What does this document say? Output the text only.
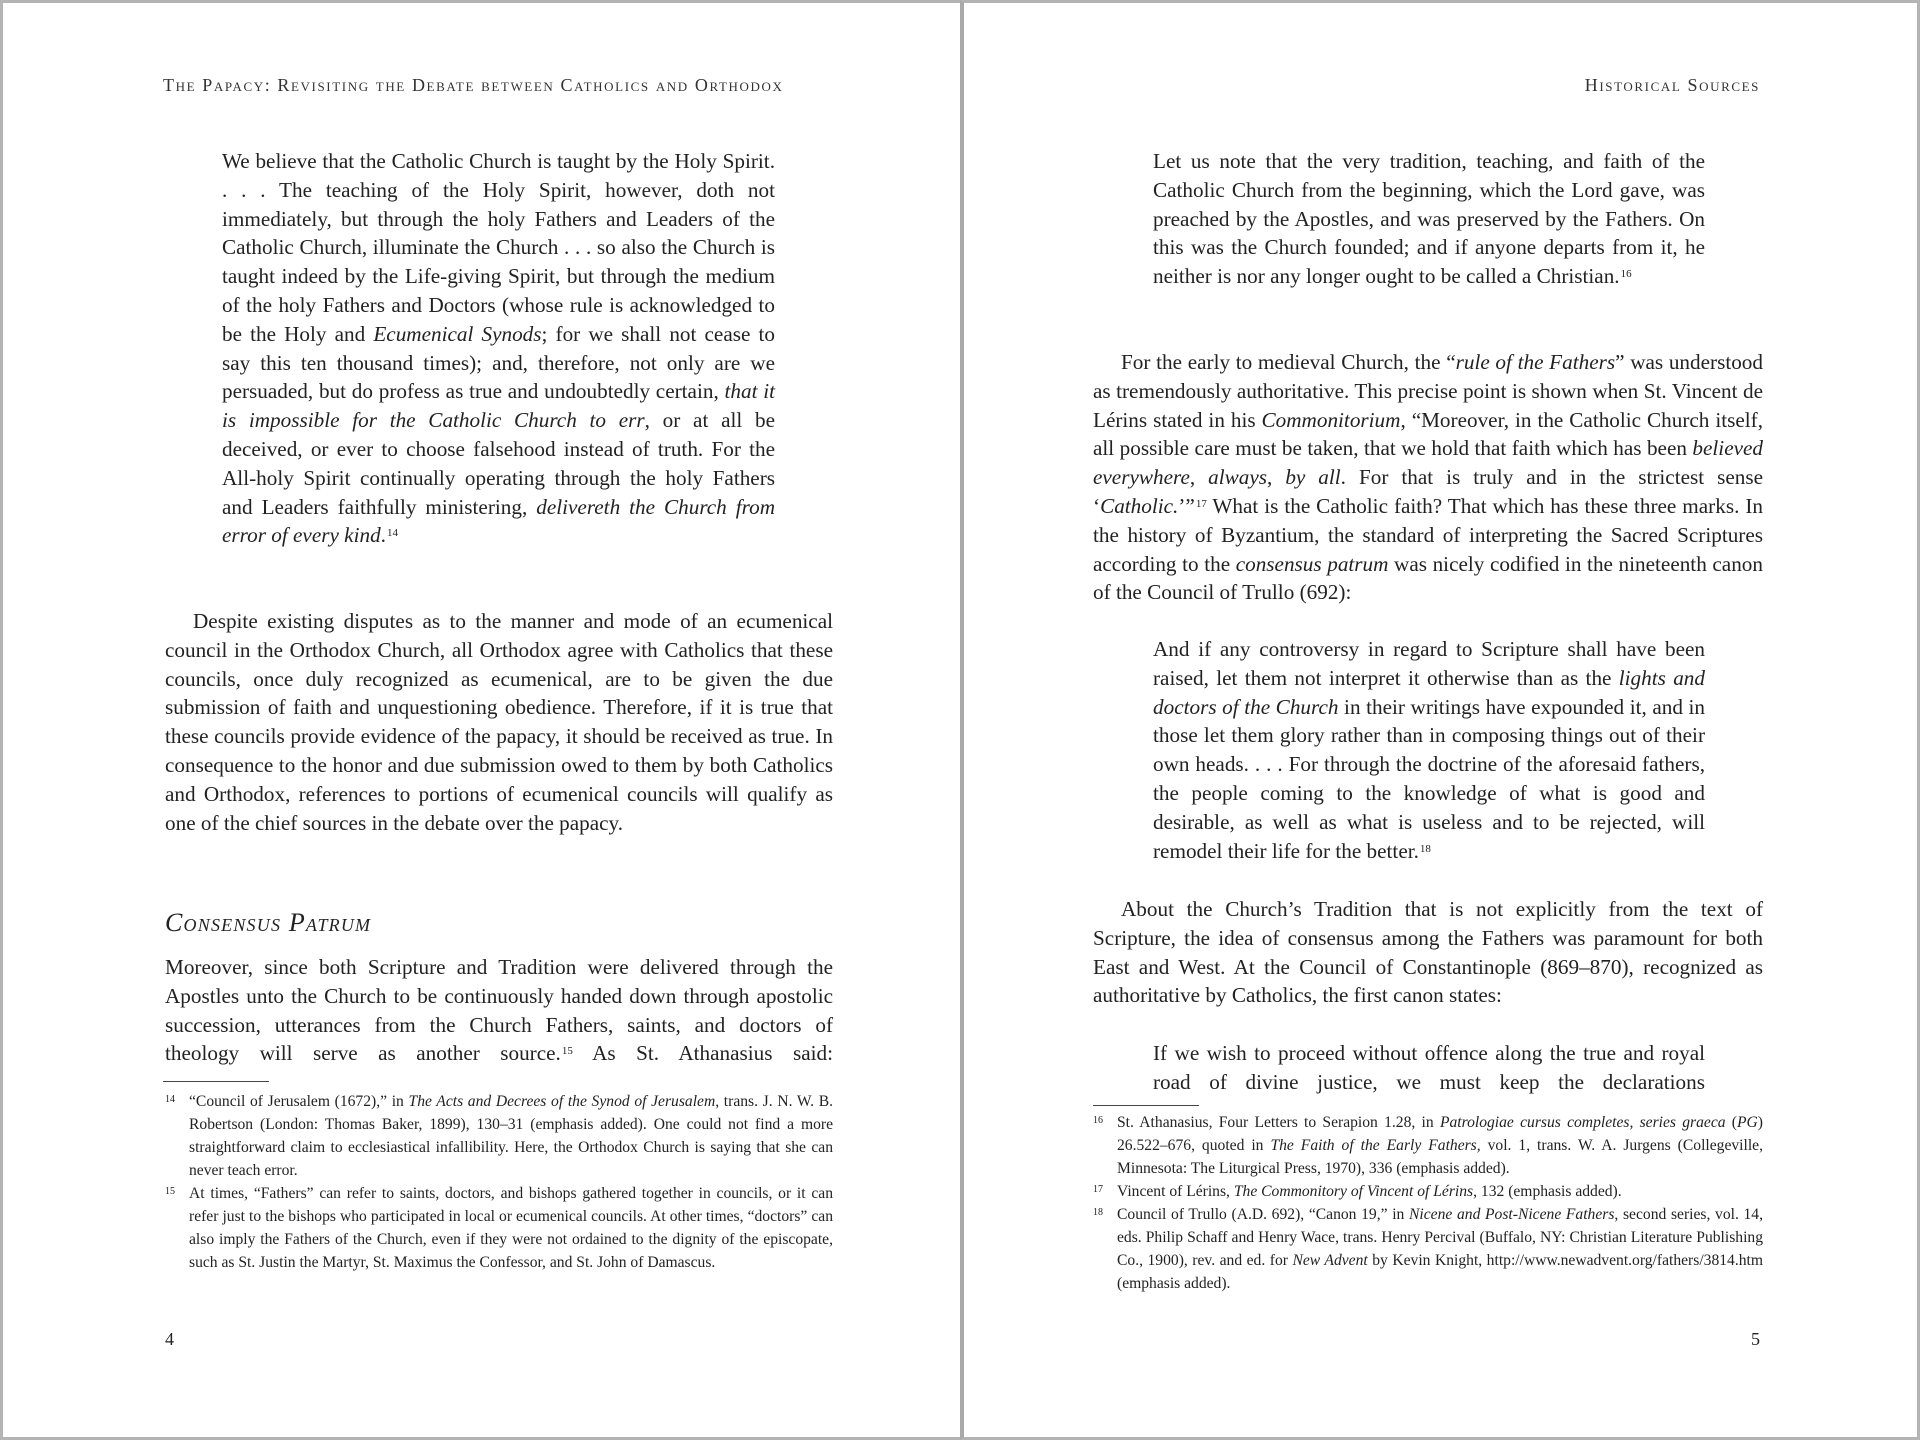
The Papacy: Revisiting the Debate between Catholics and Orthodox

We believe that the Catholic Church is taught by the Holy Spirit. . . . The teaching of the Holy Spirit, however, doth not immediately, but through the holy Fathers and Leaders of the Catholic Church, illuminate the Church . . . so also the Church is taught indeed by the Life-giving Spirit, but through the medium of the holy Fathers and Doctors (whose rule is acknowledged to be the Holy and Ecumenical Synods; for we shall not cease to say this ten thousand times); and, therefore, not only are we persuaded, but do profess as true and undoubtedly certain, that it is impossible for the Catholic Church to err, or at all be deceived, or ever to choose falsehood instead of truth. For the All-holy Spirit continually operating through the holy Fathers and Leaders faithfully ministering, delivereth the Church from error of every kind.$^{14}$

Despite existing disputes as to the manner and mode of an ecumenical council in the Orthodox Church, all Orthodox agree with Catholics that these councils, once duly recognized as ecumenical, are to be given the due submission of faith and unquestioning obedience. Therefore, if it is true that these councils provide evidence of the papacy, it should be received as true. In consequence to the honor and due submission owed to them by both Catholics and Orthodox, references to portions of ecumenical councils will qualify as one of the chief sources in the debate over the papacy.

Consensus Patrum

Moreover, since both Scripture and Tradition were delivered through the Apostles unto the Church to be continuously handed down through apostolic succession, utterances from the Church Fathers, saints, and doctors of theology will serve as another source.$^{15}$ As St. Athanasius said:

14 “Council of Jerusalem (1672),” in The Acts and Decrees of the Synod of Jerusalem, trans. J. N. W. B. Robertson (London: Thomas Baker, 1899), 130–31 (emphasis added). One could not find a more straightforward claim to ecclesiastical infallibility. Here, the Orthodox Church is saying that she can never teach error.

15 At times, “Fathers” can refer to saints, doctors, and bishops gathered together in councils, or it can refer just to the bishops who participated in local or ecumenical councils. At other times, “doctors” can also imply the Fathers of the Church, even if they were not ordained to the dignity of the episcopate, such as St. Justin the Martyr, St. Maximus the Confessor, and St. John of Damascus.

4
Historical Sources

Let us note that the very tradition, teaching, and faith of the Catholic Church from the beginning, which the Lord gave, was preached by the Apostles, and was preserved by the Fathers. On this was the Church founded; and if anyone departs from it, he neither is nor any longer ought to be called a Christian.$^{16}$

For the early to medieval Church, the “rule of the Fathers” was understood as tremendously authoritative. This precise point is shown when St. Vincent de Lérins stated in his Commonitorium, “Moreover, in the Catholic Church itself, all possible care must be taken, that we hold that faith which has been believed everywhere, always, by all. For that is truly and in the strictest sense ‘Catholic.’”$^{17}$ What is the Catholic faith? That which has these three marks. In the history of Byzantium, the standard of interpreting the Sacred Scriptures according to the consensus patrum was nicely codified in the nineteenth canon of the Council of Trullo (692):

And if any controversy in regard to Scripture shall have been raised, let them not interpret it otherwise than as the lights and doctors of the Church in their writings have expounded it, and in those let them glory rather than in composing things out of their own heads. . . . For through the doctrine of the aforesaid fathers, the people coming to the knowledge of what is good and desirable, as well as what is useless and to be rejected, will remodel their life for the better.$^{18}$

About the Church’s Tradition that is not explicitly from the text of Scripture, the idea of consensus among the Fathers was paramount for both East and West. At the Council of Constantinople (869–870), recognized as authoritative by Catholics, the first canon states:

If we wish to proceed without offence along the true and royal road of divine justice, we must keep the declarations

16 St. Athanasius, Four Letters to Serapion 1.28, in Patrologiae cursus completes, series graeca (PG) 26.522–676, quoted in The Faith of the Early Fathers, vol. 1, trans. W. A. Jurgens (Collegeville, Minnesota: The Liturgical Press, 1970), 336 (emphasis added).

17 Vincent of Lérins, The Commonitory of Vincent of Lérins, 132 (emphasis added).

18 Council of Trullo (A.D. 692), “Canon 19,” in Nicene and Post-Nicene Fathers, second series, vol. 14, eds. Philip Schaff and Henry Wace, trans. Henry Percival (Buffalo, NY: Christian Literature Publishing Co., 1900), rev. and ed. for New Advent by Kevin Knight, http://www.newadvent.org/fathers/3814.htm (emphasis added).

5
